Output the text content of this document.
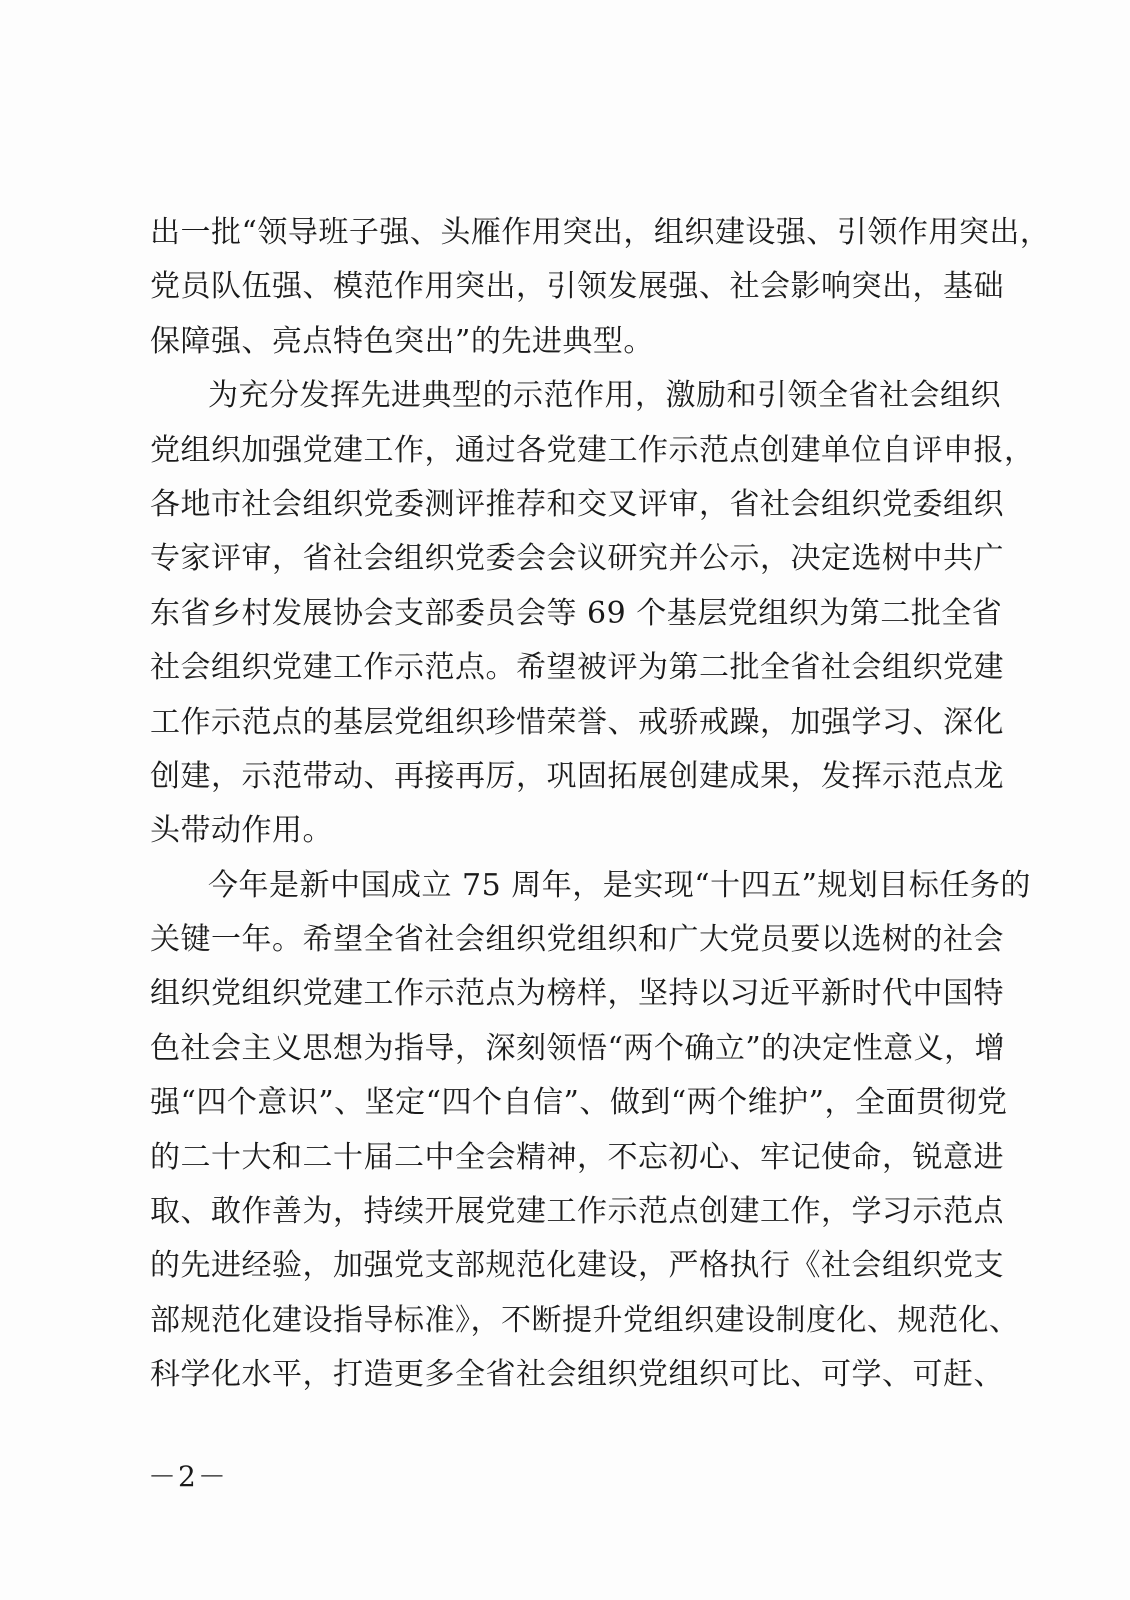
出一批“领导班子强、头雁作用突出，组织建设强、引领作用突出，
党员队伍强、模范作用突出，引领发展强、社会影响突出，基础
保障强、亮点特色突出”的先进典型。
为充分发挥先进典型的示范作用，激励和引领全省社会组织
党组织加强党建工作，通过各党建工作示范点创建单位自评申报，
各地市社会组织党委测评推荐和交叉评审，省社会组织党委组织
专家评审，省社会组织党委会会议研究并公示，决定选树中共广
东省乡村发展协会支部委员会等 69 个基层党组织为第二批全省
社会组织党建工作示范点。希望被评为第二批全省社会组织党建
工作示范点的基层党组织珍惜荣誉、戒骄戒躁，加强学习、深化
创建，示范带动、再接再厉，巩固拓展创建成果，发挥示范点龙
头带动作用。
今年是新中国成立 75 周年，是实现“十四五”规划目标任务的
关键一年。希望全省社会组织党组织和广大党员要以选树的社会
组织党组织党建工作示范点为榜样，坚持以习近平新时代中国特
色社会主义思想为指导，深刻领悟“两个确立”的决定性意义，增
强“四个意识”、坚定“四个自信”、做到“两个维护”，全面贯彻党
的二十大和二十届二中全会精神，不忘初心、牢记使命，锐意进
取、敢作善为，持续开展党建工作示范点创建工作，学习示范点
的先进经验，加强党支部规范化建设，严格执行《社会组织党支
部规范化建设指导标准》，不断提升党组织建设制度化、规范化、
科学化水平，打造更多全省社会组织党组织可比、可学、可赶、
－2－
